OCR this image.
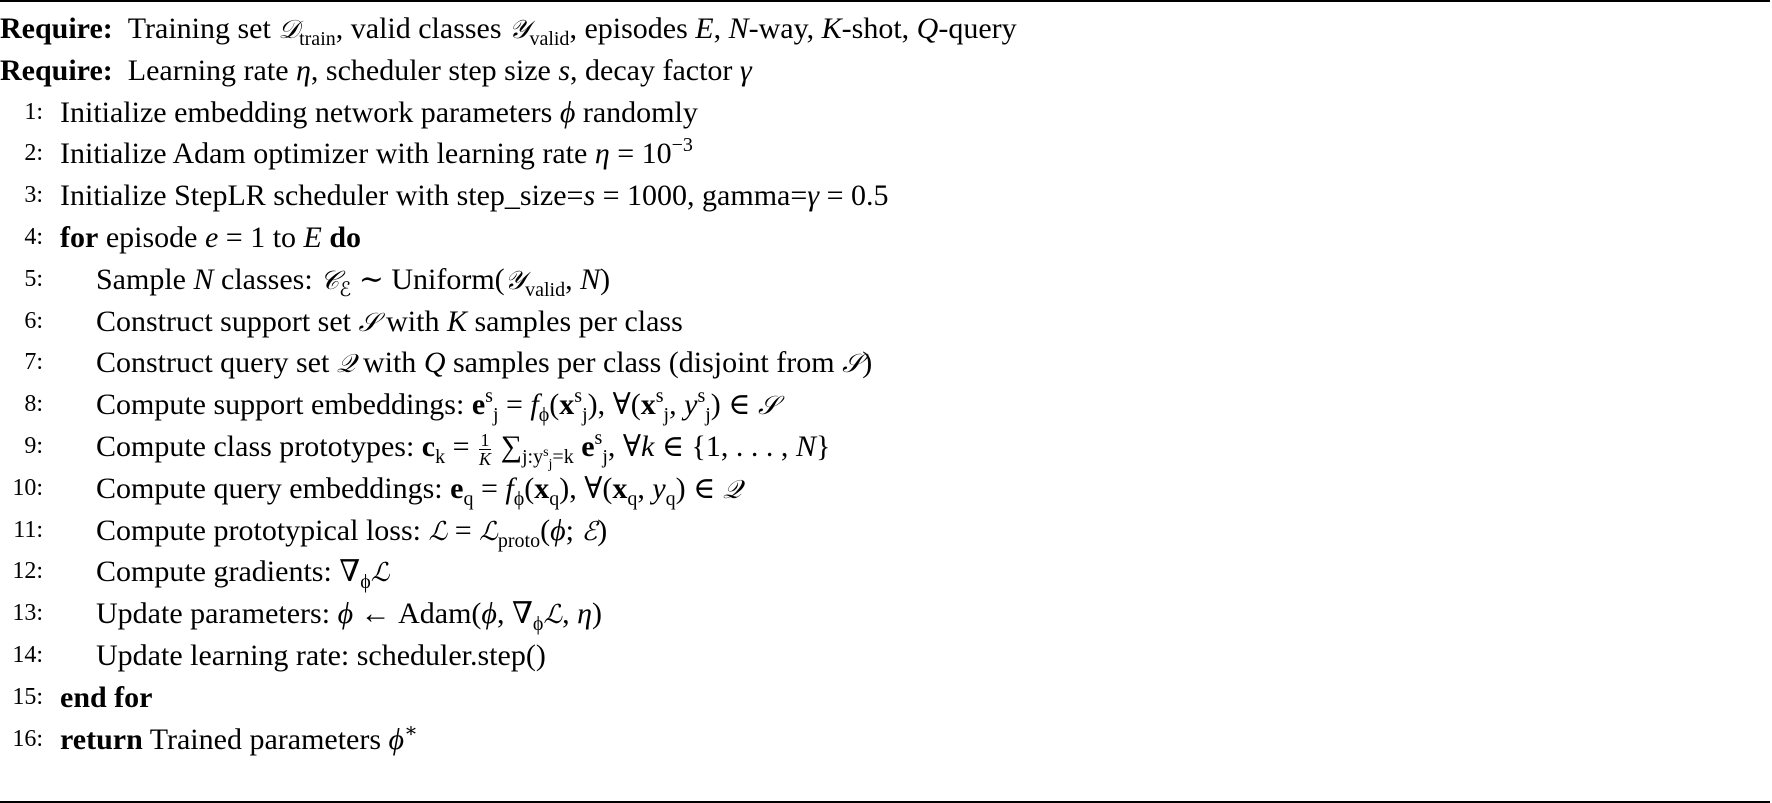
Require: Training set 𝒟$_{train}$, valid classes 𝒴$_{valid}$, episodes E, N-way, K-shot, Q-query
Require: Learning rate η, scheduler step size s, decay factor γ
1: Initialize embedding network parameters ϕ randomly
2: Initialize Adam optimizer with learning rate $\eta = 10^{-3}$
3: Initialize StepLR scheduler with step_size=s = 1000, gamma=γ = 0.5
4: for episode e = 1 to E do
5: Sample N classes: 𝒞$_ℰ$ ∼ Uniform(𝒴$_{valid}$, N)
6: Construct support set 𝒮 with K samples per class
7: Construct query set 𝒬 with Q samples per class (disjoint from 𝒮)
8: Compute support embeddings: $e^s_j = f_\phi(x^s_j)$, $\forall(x^s_j$, $y^s_j$) ∈ 𝒮
9: Compute class prototypes: $c_k = \frac{1}{K} \sum_{j:y^s_j=k}$ $e^s_j$, ∀k ∈ {1, . . . , N}
10: Compute query embeddings: $e_q = f_\phi(x_q)$, $\forall(x_q$, $y_q$) ∈ 𝒬
11: Compute prototypical loss: ℒ = ℒ$_{proto}$(ϕ; ℰ)
12: Compute gradients: $\nabla_\phi ℒ$
13: Update parameters: ϕ ← Adam(ϕ, $\nabla_\phi ℒ$, η)
14: Update learning rate: scheduler.step()
15: end for
16: return Trained parameters ϕ∗
